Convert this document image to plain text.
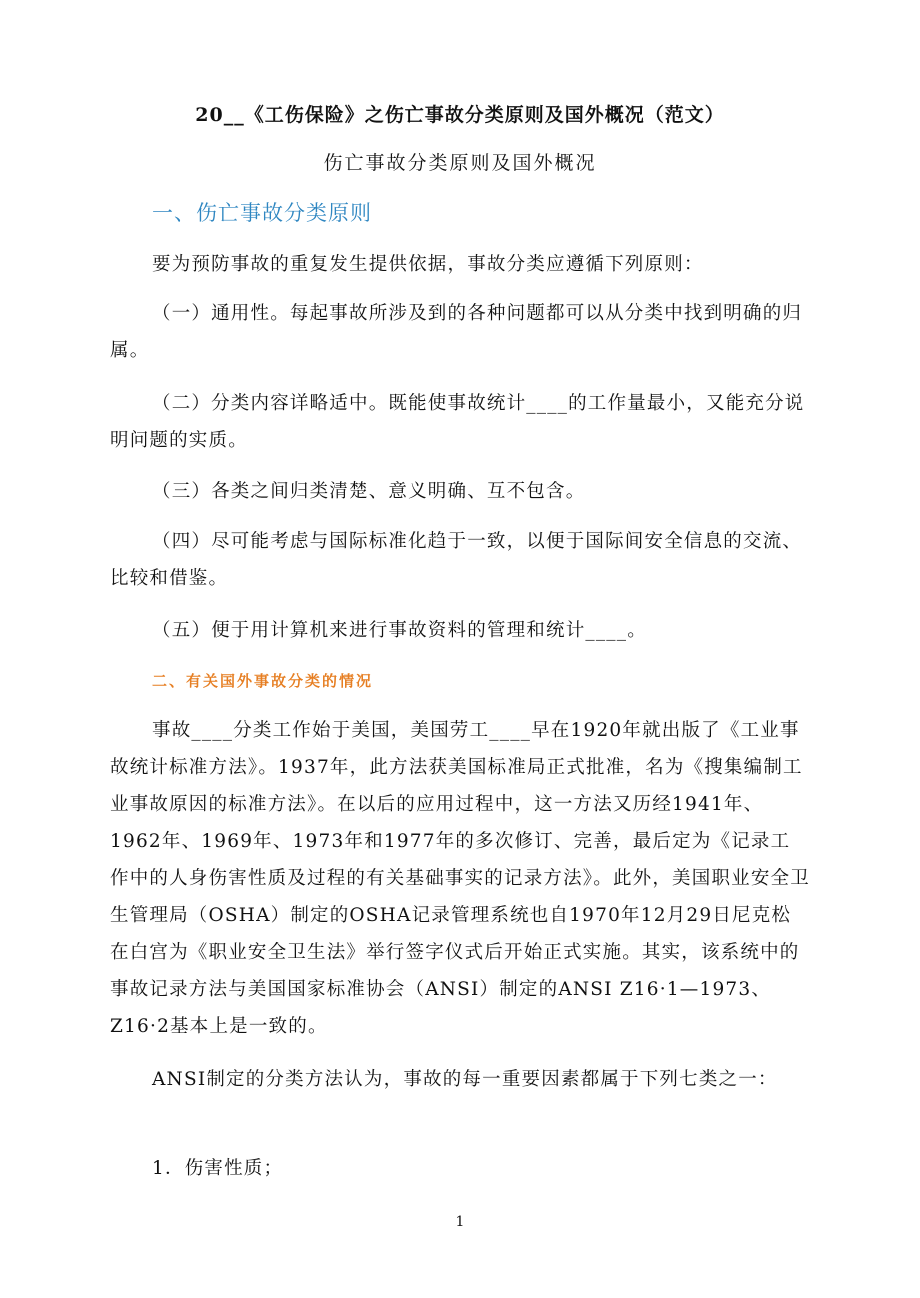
20__《工伤保险》之伤亡事故分类原则及国外概况（范文）
伤亡事故分类原则及国外概况
一、伤亡事故分类原则

要为预防事故的重复发生提供依据，事故分类应遵循下列原则：

（一）通用性。每起事故所涉及到的各种问题都可以从分类中找到明确的归属。

（二）分类内容详略适中。既能使事故统计____的工作量最小，又能充分说明问题的实质。

（三）各类之间归类清楚、意义明确、互不包含。

（四）尽可能考虑与国际标准化趋于一致，以便于国际间安全信息的交流、比较和借鉴。

（五）便于用计算机来进行事故资料的管理和统计____。

二、有关国外事故分类的情况

事故____分类工作始于美国，美国劳工____早在1920年就出版了《工业事故统计标准方法》。1937年，此方法获美国标准局正式批准，名为《搜集编制工业事故原因的标准方法》。在以后的应用过程中，这一方法又历经1941年、1962年、1969年、1973年和1977年的多次修订、完善，最后定为《记录工作中的人身伤害性质及过程的有关基础事实的记录方法》。此外，美国职业安全卫生管理局（OSHA）制定的OSHA记录管理系统也自1970年12月29日尼克松在白宫为《职业安全卫生法》举行签字仪式后开始正式实施。其实，该系统中的事故记录方法与美国国家标准协会（ANSI）制定的ANSI Z16·1—1973、Z16·2基本上是一致的。

ANSI制定的分类方法认为，事故的每一重要因素都属于下列七类之一：

1．伤害性质；

1
